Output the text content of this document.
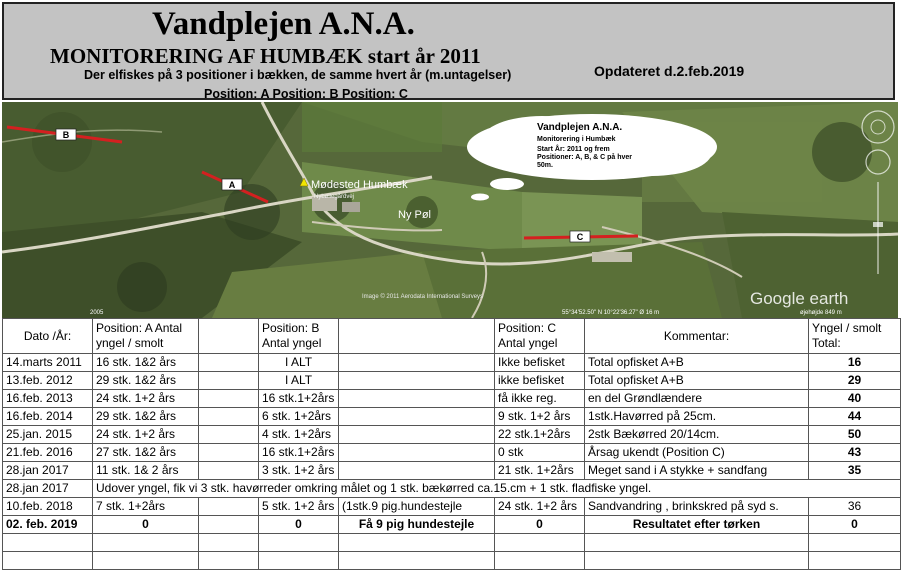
Vandplejen A.N.A.
MONITORERING AF HUMBÆK start år 2011
Der elfiskes på 3 positioner i bækken, de samme hvert år (m.untagelser)
Position: A Position: B Position: C
Opdateret d.2.feb.2019
B
A
C
Mødested Humbæk
Nybøllegårdvej
Ny Pøl
Vandplejen A.N.A.
Monitorering i Humbæk
Start År: 2011 og frem
Positioner: A, B, & C på hver
50m.
2005
Image © 2011 Aerodata International Surveys
55°34'52.50" N 10°22'36.27" Ø 16 m	øjehøjde 849 m
Google earth
Dato /År:	Position: A Antal yngel / smolt		Position: B Antal yngel		Position: C Antal yngel	Kommentar:	Yngel / smolt Total:
14.marts 2011	16 stk. 1&2 års		I ALT		Ikke befisket	Total opfisket A+B	16
13.feb. 2012	29 stk. 1&2 års		I ALT		ikke befisket	Total opfisket A+B	29
16.feb. 2013	24 stk. 1+2 års		16 stk.1+2års		få ikke reg.	en del Grøndlændere	40
16.feb. 2014	29 stk. 1&2 års		6 stk. 1+2års		9 stk. 1+2 års	1stk.Havørred på 25cm.	44
25.jan. 2015	24 stk. 1+2 års		4 stk. 1+2års		22 stk.1+2års	2stk Bækørred 20/14cm.	50
21.feb. 2016	27 stk. 1&2 års		16 stk.1+2års		0 stk	Årsag ukendt (Position C)	43
28.jan 2017	11 stk. 1& 2 års		3 stk. 1+2 års		21 stk. 1+2års	Meget sand i A stykke + sandfang	35
28.jan 2017	Udover yngel, fik vi 3 stk. havørreder omkring målet og 1 stk. bækørred ca.15.cm + 1 stk. fladfiske yngel.						
10.feb. 2018	7 stk. 1+2års		5 stk. 1+2 års	(1stk.9 pig.hundestejle	24 stk. 1+2 års	Sandvandring , brinkskred på syd s.	36
02. feb. 2019	0		0	Få 9 pig hundestejle	0	Resultatet efter tørken	0
